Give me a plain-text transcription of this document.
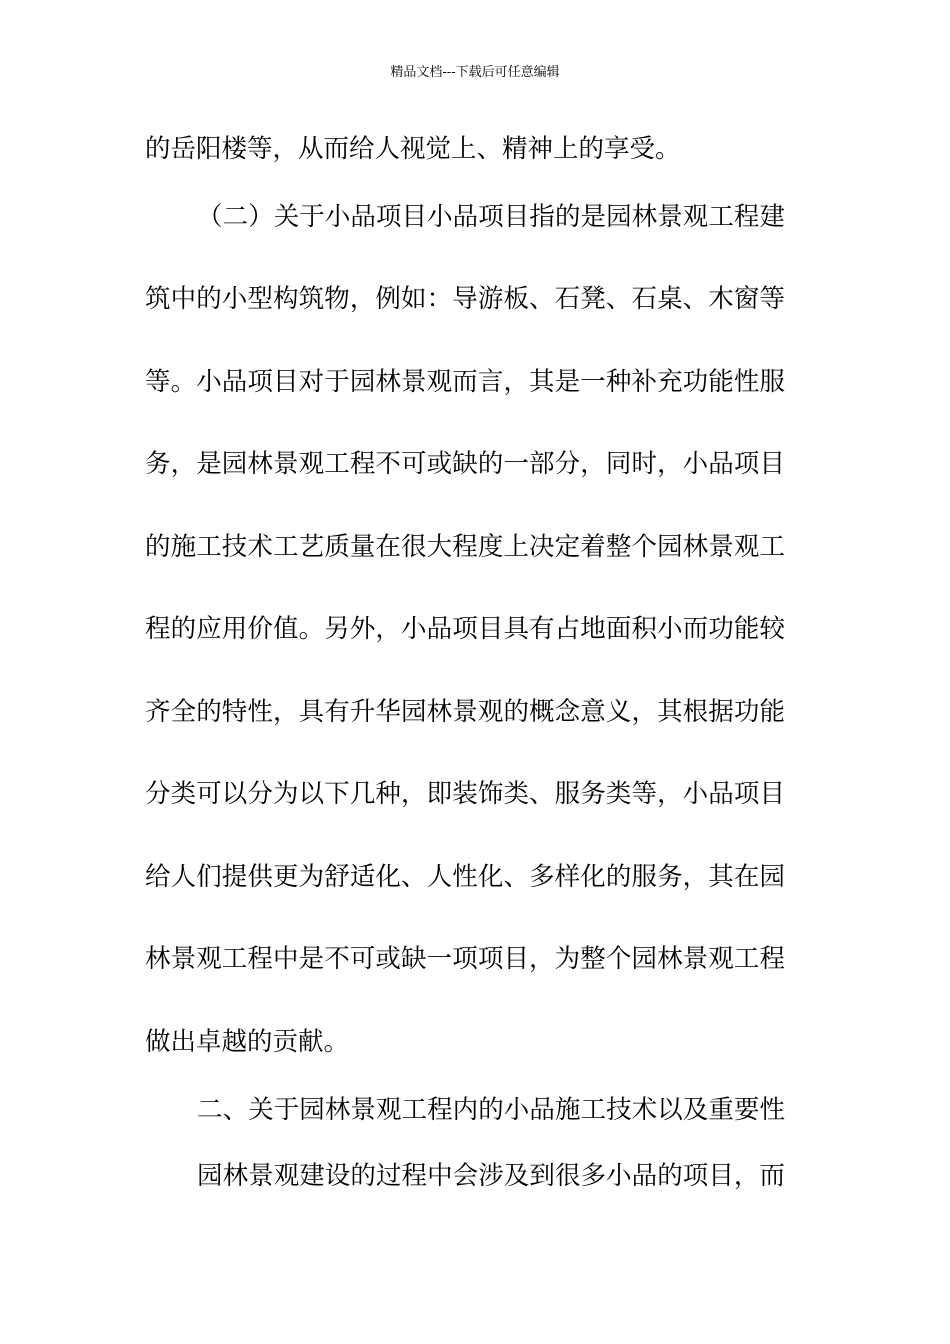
精品文档---下载后可任意编辑
的岳阳楼等，从而给人视觉上、精神上的享受。
（二）关于小品项目小品项目指的是园林景观工程建
筑中的小型构筑物，例如：导游板、石凳、石桌、木窗等
等。小品项目对于园林景观而言，其是一种补充功能性服
务，是园林景观工程不可或缺的一部分，同时，小品项目
的施工技术工艺质量在很大程度上决定着整个园林景观工
程的应用价值。另外，小品项目具有占地面积小而功能较
齐全的特性，具有升华园林景观的概念意义，其根据功能
分类可以分为以下几种，即装饰类、服务类等，小品项目
给人们提供更为舒适化、人性化、多样化的服务，其在园
林景观工程中是不可或缺一项项目，为整个园林景观工程
做出卓越的贡献。
二、关于园林景观工程内的小品施工技术以及重要性
园林景观建设的过程中会涉及到很多小品的项目，而
